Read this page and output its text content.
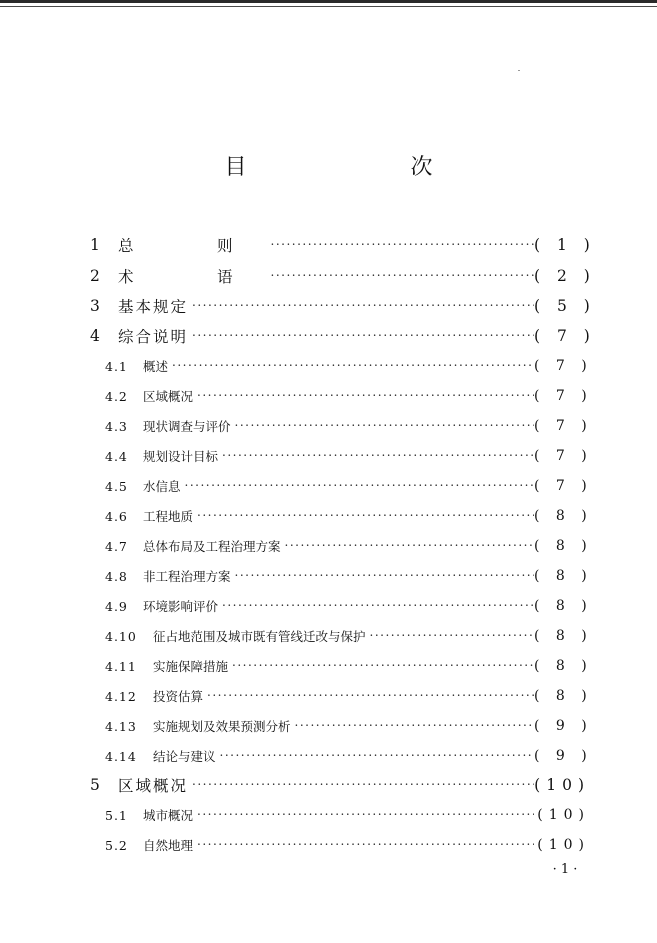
目　　次
1	总　则 .....	( 1 )
2	术　语 .....	( 2 )
3	基本规定 .....	( 5 )
4	综合说明 .....	( 7 )
4.1	概述 .....	( 7 )
4.2	区域概况 .....	( 7 )
4.3	现状调查与评价 .....	( 7 )
4.4	规划设计目标 .....	( 7 )
4.5	水信息 .....	( 7 )
4.6	工程地质 .....	( 8 )
4.7	总体布局及工程治理方案 .....	( 8 )
4.8	非工程治理方案 .....	( 8 )
4.9	环境影响评价 .....	( 8 )
4.10	征占地范围及城市既有管线迁改与保护 .....	( 8 )
4.11	实施保障措施 .....	( 8 )
4.12	投资估算 .....	( 8 )
4.13	实施规划及效果预测分析 .....	( 9 )
4.14	结论与建议 .....	( 9 )
5	区域概况 .....	(10)
5.1	城市概况 .....	(10)
5.2	自然地理 .....	(10)
· 1 ·
